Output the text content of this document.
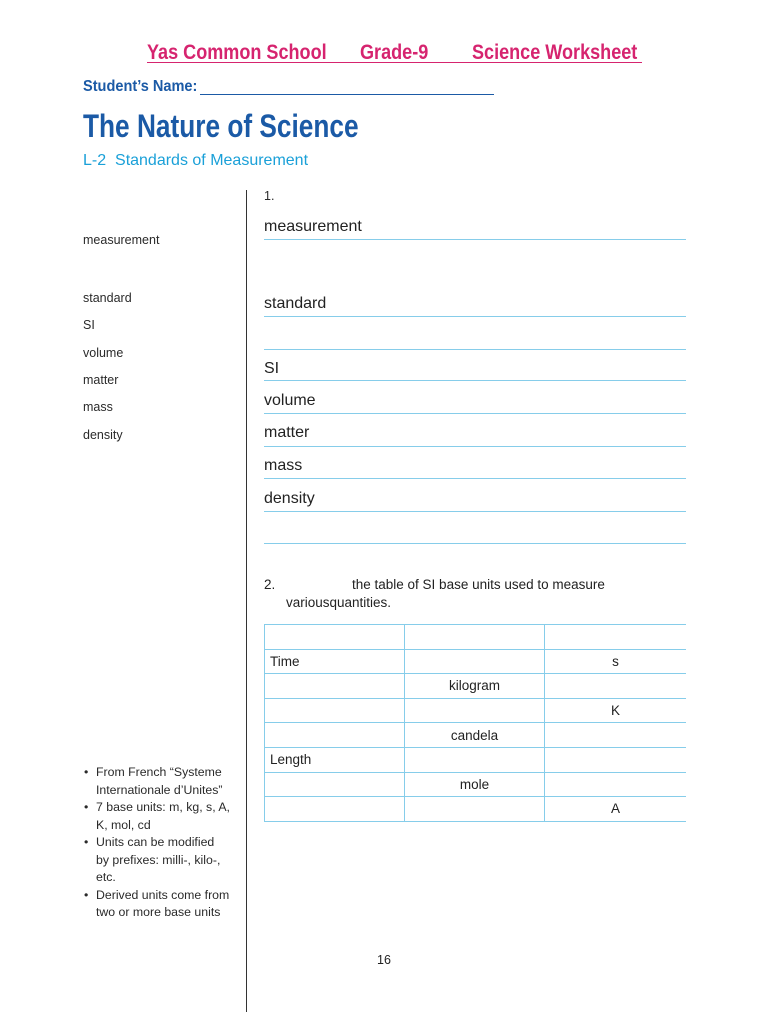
Yas Common School Grade-9 Science Worksheet
Student’s Name:
The Nature of Science
L-2  Standards of Measurement
measurement
standard
SI
volume
matter
mass
density
1.
measurement
standard
SI
volume
matter
mass
density
2.	the table of SI base units used to measure
variousquantities.
Time	s
kilogram
K
candela
Length
mole
A
• From French “Systeme
Internationale d’Unites”
• 7 base units: m, kg, s, A,
K, mol, cd
• Units can be modified
by prefixes: milli-, kilo-,
etc.
• Derived units come from
two or more base units
16
